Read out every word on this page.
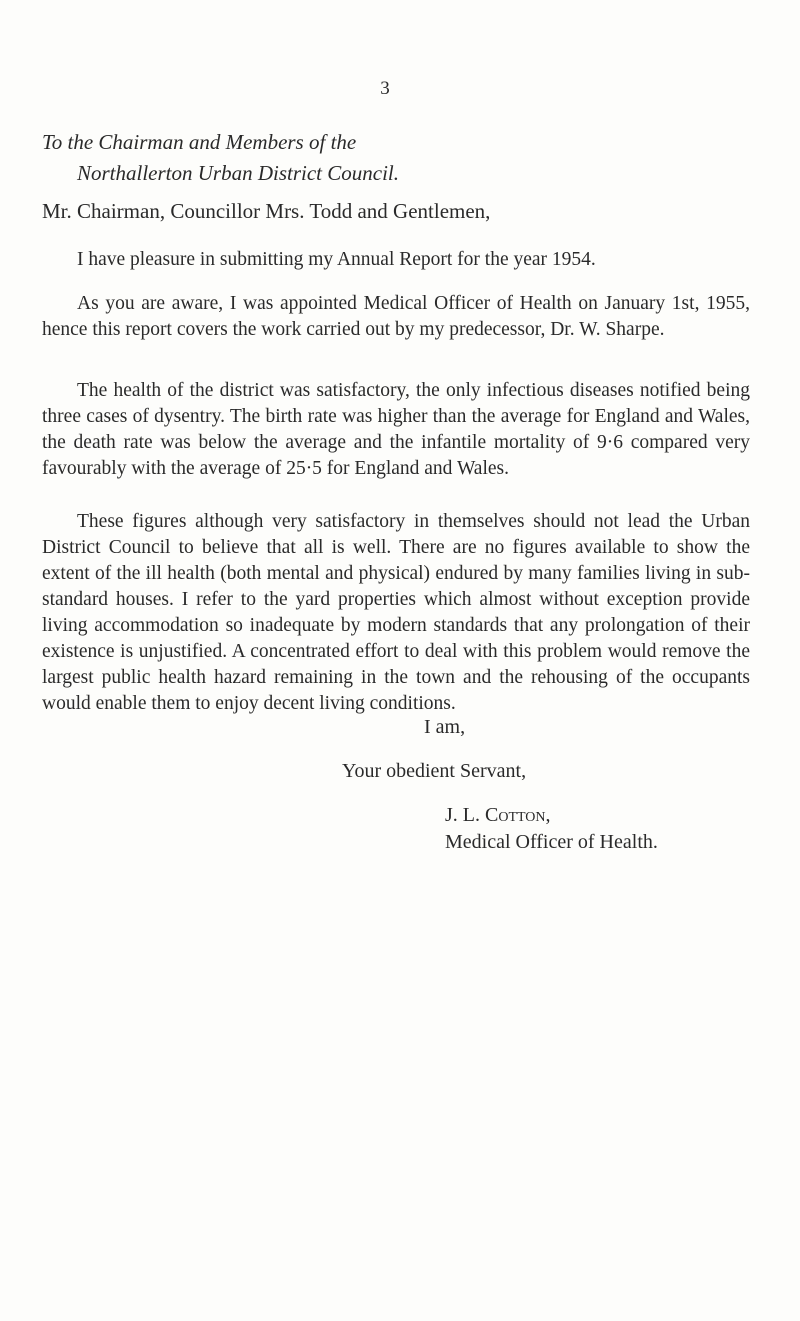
3
To the Chairman and Members of the
Northallerton Urban District Council.
Mr. Chairman, Councillor Mrs. Todd and Gentlemen,

I have pleasure in submitting my Annual Report for the year 1954.

As you are aware, I was appointed Medical Officer of Health on January 1st, 1955, hence this report covers the work carried out by my predecessor, Dr. W. Sharpe.

The health of the district was satisfactory, the only infectious diseases notified being three cases of dysentry. The birth rate was higher than the average for England and Wales, the death rate was below the average and the infantile mortality of 9·6 compared very favourably with the average of 25·5 for England and Wales.

These figures although very satisfactory in themselves should not lead the Urban District Council to believe that all is well. There are no figures available to show the extent of the ill health (both mental and physical) endured by many families living in sub-standard houses. I refer to the yard properties which almost without exception provide living accommodation so inadequate by modern standards that any prolongation of their existence is unjustified. A concentrated effort to deal with this problem would remove the largest public health hazard remaining in the town and the rehousing of the occupants would enable them to enjoy decent living conditions.

I am,
Your obedient Servant,
J. L. Cotton,
Medical Officer of Health.
